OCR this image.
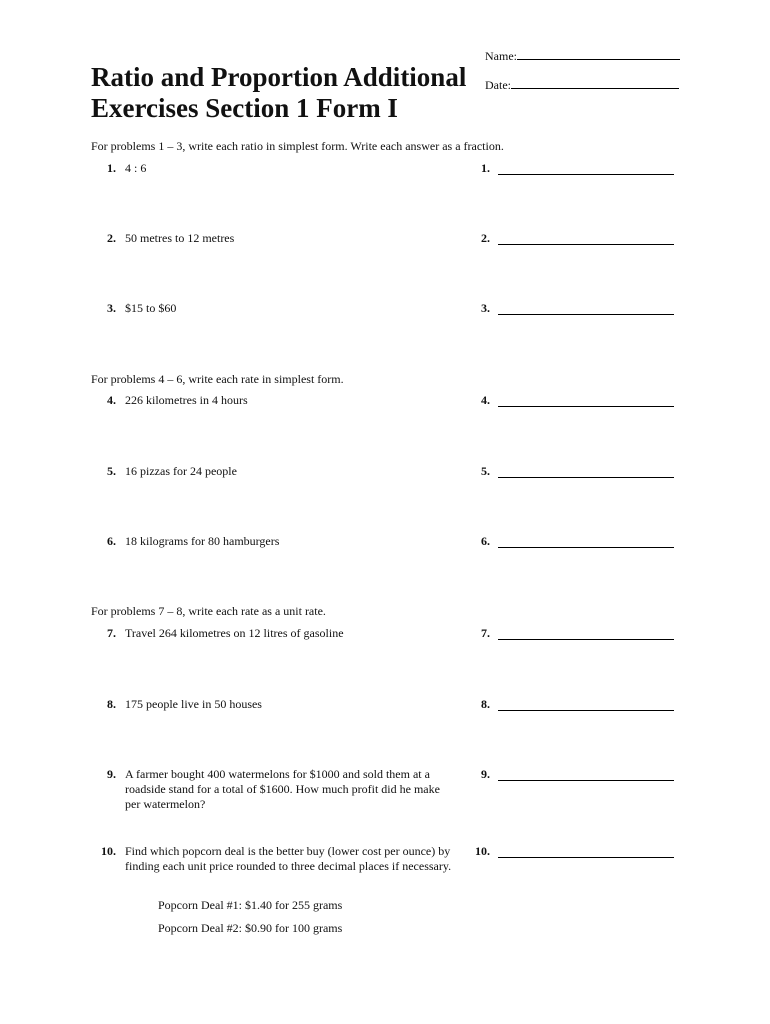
Name:
Date:
Ratio and Proportion Additional Exercises Section 1 Form I
For problems 1 – 3, write each ratio in simplest form. Write each answer as a fraction.
For problems 4 – 6, write each rate in simplest form.
For problems 7 – 8, write each rate as a unit rate.
1. 4 : 6	1.
2. 50 metres to 12 metres	2.
3. $15 to $60	3.
4. 226 kilometres in 4 hours	4.
5. 16 pizzas for 24 people	5.
6. 18 kilograms for 80 hamburgers	6.
7. Travel 264 kilometres on 12 litres of gasoline	7.
8. 175 people live in 50 houses	8.
9. A farmer bought 400 watermelons for $1000 and sold them at a roadside stand for a total of $1600. How much profit did he make per watermelon?
9.
10. Find which popcorn deal is the better buy (lower cost per ounce) by finding each unit price rounded to three decimal places if necessary.
10.
Popcorn Deal #1: $1.40 for 255 grams
Popcorn Deal #2: $0.90 for 100 grams
